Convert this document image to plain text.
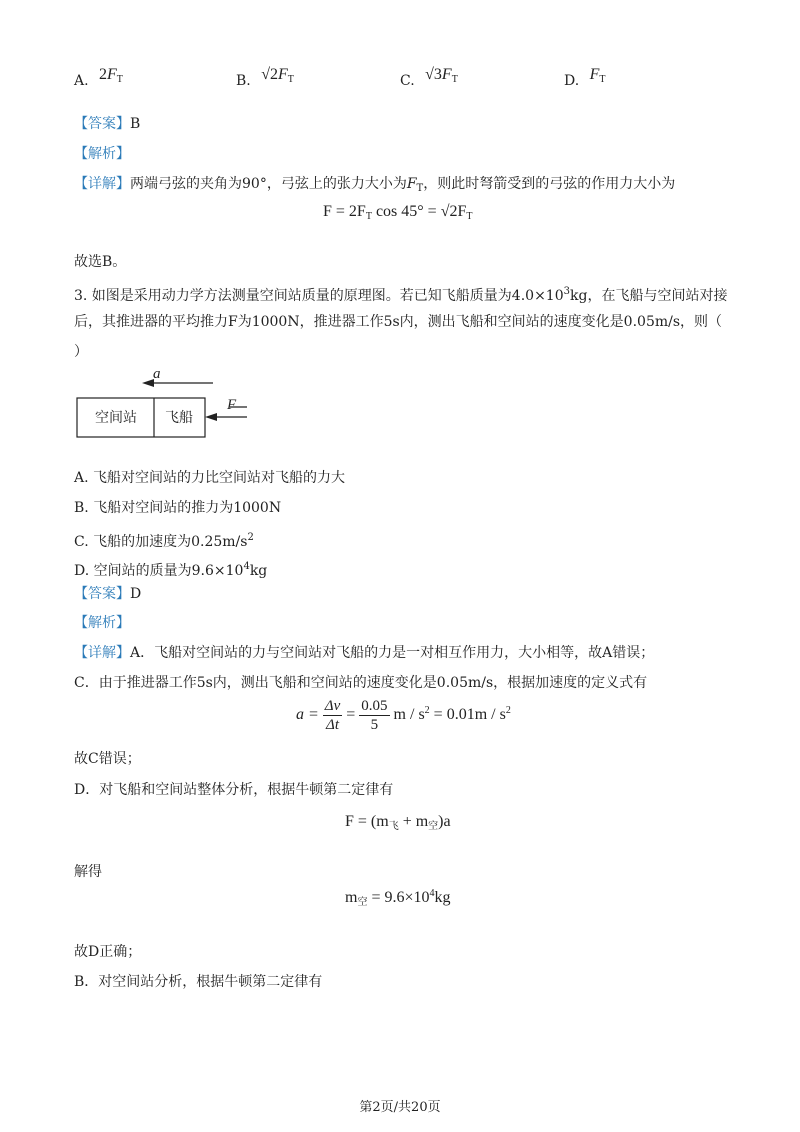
A. $2F_T$	B. $√2F_T$	C. $√3F_T$	D. $F_T$
【答案】B
【解析】
【详解】两端弓弦的夹角为90°，弓弦上的张力大小为$F_T$，则此时弩箭受到的弓弦的作用力大小为
$F = 2F_T$ $\cos 45^\circ = √2F_T$
故选B。
3. 如图是采用动力学方法测量空间站质量的原理图。若已知飞船质量为$4.0\times 10^3kg$，在飞船与空间站对接
后，其推进器的平均推力F为1000N，推进器工作5s内，测出飞船和空间站的速度变化是0.05m/s，则（
）
a
F
空间站 飞船
A. 飞船对空间站的力比空间站对飞船的力大
B. 飞船对空间站的推力为1000N
C. 飞船的加速度为$0.25m/s^2$
D. 空间站的质量为$9.6\times 10^4kg$
【答案】D
【解析】
【详解】A．飞船对空间站的力与空间站对飞船的力是一对相互作用力，大小相等，故A错误；
C．由于推进器工作5s内，测出飞船和空间站的速度变化是0.05m/s，根据加速度的定义式有
$a = \frac{\Delta v}{\Delta t} = \frac{0.05}{5}$ $m / s^2 = 0.01m / s^2$
故C错误；
D．对飞船和空间站整体分析，根据牛顿第二定律有
$F = (m_飞 + m_空)a$
解得
$m_空 = 9.6\times 10^4kg$
故D正确；
B．对空间站分析，根据牛顿第二定律有
第2页/共20页
